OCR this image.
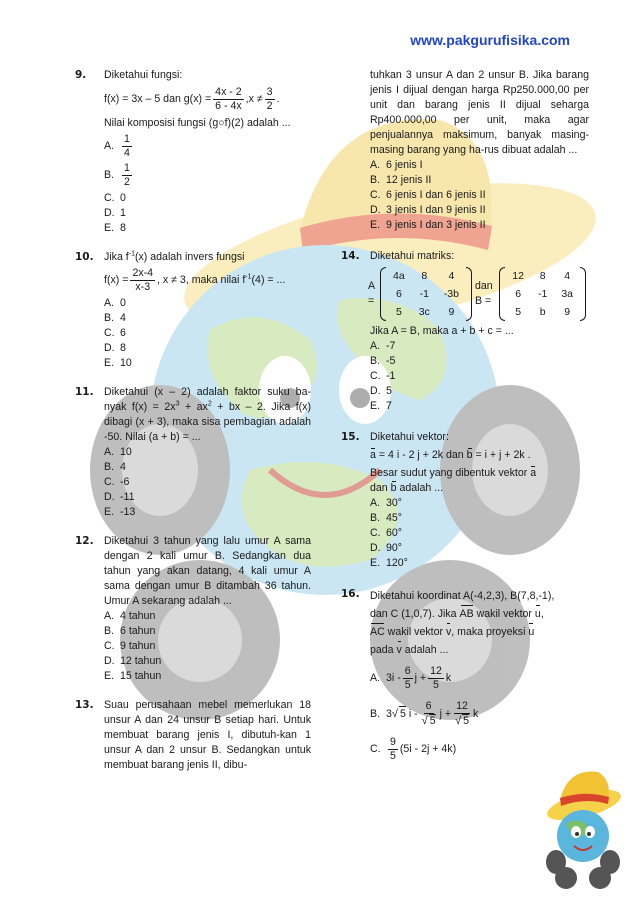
www.pakgurufisika.com
9. Diketahui fungsi:
f(x) = 3x – 5 dan $g(x) = \frac{4x - 2}{6 - 4x} ,x \ne \frac{3}{2}$ .
Nilai komposisi fungsi (g○f)(2) adalah ...
A. $\frac{1}{4}$
B. $\frac{1}{2}$
C. 0
D. 1
E. 8
10. Jika $f^{-1}(x)$ adalah invers fungsi
$f(x) = \frac{2x-4}{x-3}$ , x ≠ 3, maka nilai $f^{-1}(4)$ = ...
A. 0
B. 4
C. 6
D. 8
E. 10
11. Diketahui (x – 2) adalah faktor suku ba-nyak $f(x) = 2x^3 + ax^2$ + bx – 2. Jika f(x) dibagi (x + 3), maka sisa pembagian adalah -50. Nilai (a + b) = ...
A. 10
B. 4
C. -6
D. -11
E. -13
12. Diketahui 3 tahun yang lalu umur A sama dengan 2 kali umur B. Sedangkan dua tahun yang akan datang, 4 kali umur A sama dengan umur B ditambah 36 tahun. Umur A sekarang adalah ...
A. 4 tahun
B. 6 tahun
C. 9 tahun
D. 12 tahun
E. 15 tahun
13. Suau perusahaan mebel memerlukan 18 unsur A dan 24 unsur B setiap hari. Untuk membuat barang jenis I, dibutuh-kan 1 unsur A dan 2 unsur B. Sedangkan untuk membuat barang jenis II, dibu-
tuhkan 3 unsur A dan 2 unsur B. Jika barang jenis I dijual dengan harga Rp250.000,00 per unit dan barang jenis II dijual seharga Rp400.000,00 per unit, maka agar penjualannya maksimum, banyak masing-masing barang yang ha-rus dibuat adalah ...
A. 6 jenis I
B. 12 jenis II
C. 6 jenis I dan 6 jenis II
D. 3 jenis I dan 9 jenis II
E. 9 jenis I dan 3 jenis II
14. Diketahui matriks:
A =
4a	8	4
6	-1	-3b
5	3c	9
dan B =
12	8	4
6	-1	3a
5	b	9
Jika A = B, maka a + b + c = ...
A. -7
B. -5
C. -1
D. 5
E. 7
15. Diketahui vektor:
a = 4 i - 2 j + 2k dan b = i + j + 2k .
Besar sudut yang dibentuk vektor a
dan b adalah ...
A. 30°
B. 45°
C. 60°
D. 90°
E. 120°
16. Diketahui koordinat A(-4,2,3), B(7,8,-1),
dan C (1,0,7). Jika AB wakil vektor u,
AC wakil vektor v, maka proyeksi u
pada v adalah ...
A. $3i - \frac{6}{5}$ $j + \frac{12}{5}$ k
B. 3 √ 5
i - $\frac{6}{√ 5}$ $j + \frac{12}{√ 5}$ k
C. $\frac{9}{5} (5i - 2j + 4k)$
